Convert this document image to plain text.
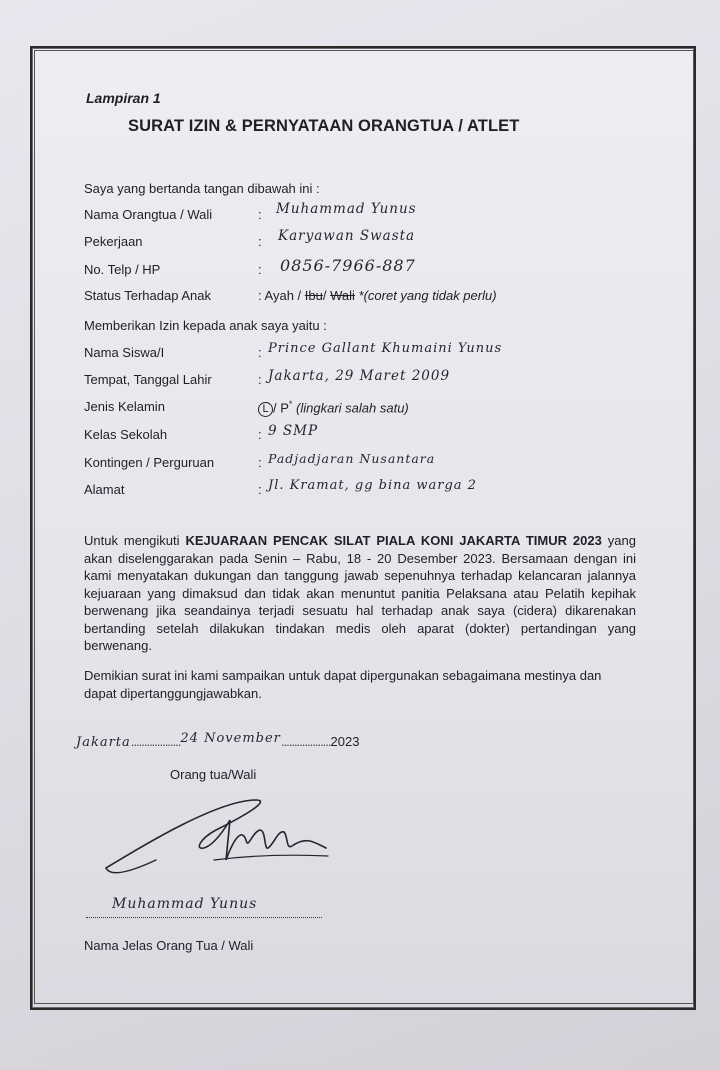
Lampiran 1
SURAT IZIN & PERNYATAAN ORANGTUA / ATLET
Saya yang bertanda tangan dibawah ini :
Nama Orangtua / Wali	: Muhammad Yunus
Pekerjaan	: Karyawan Swasta
No. Telp / HP	: 0856-7966-887
Status Terhadap Anak	: Ayah / Ibu/ Wali *(coret yang tidak perlu)
Memberikan Izin kepada anak saya yaitu :
Nama Siswa/I	: Prince Gallant Khumaini Yunus
Tempat, Tanggal Lahir	: Jakarta, 29 Maret 2009
Jenis Kelamin	L / P* (lingkari salah satu)
Kelas Sekolah	: 9 SMP
Kontingen / Perguruan	: Padjadjaran Nusantara
Alamat	: Jl. Kramat, gg bina warga 2
Untuk mengikuti KEJUARAAN PENCAK SILAT PIALA KONI JAKARTA TIMUR 2023 yang akan diselenggarakan pada Senin – Rabu, 18 - 20 Desember 2023. Bersamaan dengan ini kami menyatakan dukungan dan tanggung jawab sepenuhnya terhadap kelancaran jalannya kejuaraan yang dimaksud dan tidak akan menuntut panitia Pelaksana atau Pelatih kepihak berwenang jika seandainya terjadi sesuatu hal terhadap anak saya (cidera) dikarenakan bertanding setelah dilakukan tindakan medis oleh aparat (dokter) pertandingan yang berwenang.
Demikian surat ini kami sampaikan untuk dapat dipergunakan sebagaimana mestinya dan dapat dipertanggungjawabkan.
Jakarta...................24 November...................2023
Orang tua/Wali
Muhammad Yunus
Nama Jelas Orang Tua / Wali
